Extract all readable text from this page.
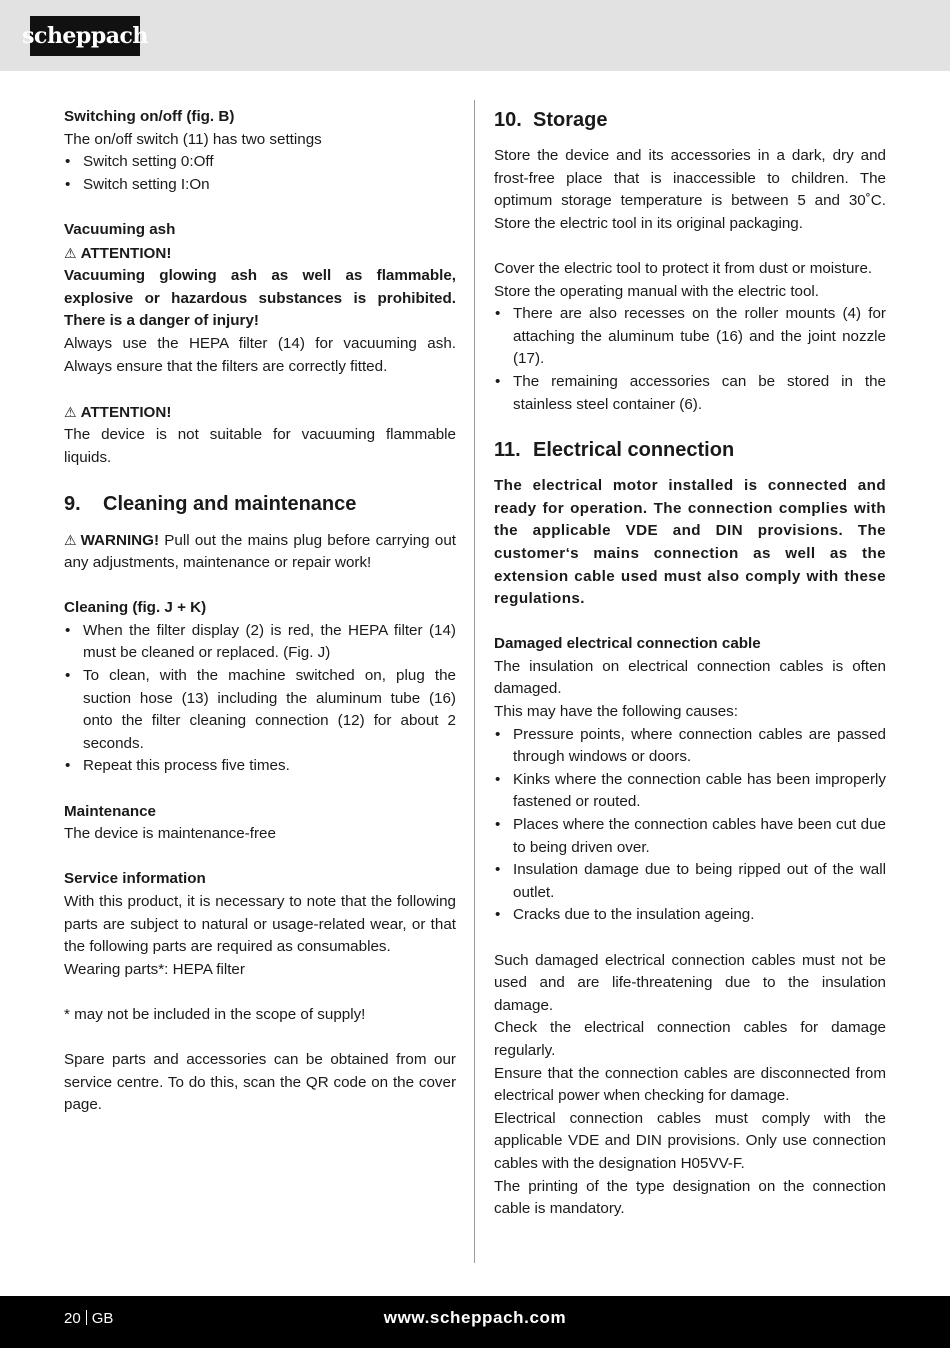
scheppach

Switching on/off (fig. B)

The on/off switch (11) has two settings

• Switch setting 0:Off
• Switch setting I:On

Vacuuming ash

⚠ ATTENTION!

Vacuuming glowing ash as well as flammable, explosive or hazardous substances is prohibited. There is a danger of injury!

Always use the HEPA filter (14) for vacuuming ash. Always ensure that the filters are correctly fitted.

⚠ ATTENTION!

The device is not suitable for vacuuming flammable liquids.

9. Cleaning and maintenance

⚠ WARNING! Pull out the mains plug before carrying out any adjustments, maintenance or repair work!

Cleaning (fig. J + K)

• When the filter display (2) is red, the HEPA filter (14) must be cleaned or replaced. (Fig. J)
• To clean, with the machine switched on, plug the suction hose (13) including the aluminum tube (16) onto the filter cleaning connection (12) for about 2 seconds.
• Repeat this process five times.

Maintenance

The device is maintenance-free

Service information

With this product, it is necessary to note that the following parts are subject to natural or usage-related wear, or that the following parts are required as consumables.

Wearing parts*: HEPA filter

* may not be included in the scope of supply!

Spare parts and accessories can be obtained from our service centre. To do this, scan the QR code on the cover page.

10. Storage

Store the device and its accessories in a dark, dry and frost-free place that is inaccessible to children. The optimum storage temperature is between 5 and 30˚C. Store the electric tool in its original packaging.

Cover the electric tool to protect it from dust or moisture.

Store the operating manual with the electric tool.

• There are also recesses on the roller mounts (4) for attaching the aluminum tube (16) and the joint nozzle (17).
• The remaining accessories can be stored in the stainless steel container (6).
11. Electrical connection

The electrical motor installed is connected and ready for operation. The connection complies with the applicable VDE and DIN provisions. The customer‘s mains connection as well as the extension cable used must also comply with these regulations.

Damaged electrical connection cable

The insulation on electrical connection cables is often damaged.

This may have the following causes:

• Pressure points, where connection cables are passed through windows or doors.
• Kinks where the connection cable has been improperly fastened or routed.
• Places where the connection cables have been cut due to being driven over.
• Insulation damage due to being ripped out of the wall outlet.
• Cracks due to the insulation ageing.

Such damaged electrical connection cables must not be used and are life-threatening due to the insulation damage.

Check the electrical connection cables for damage regularly.

Ensure that the connection cables are disconnected from electrical power when checking for damage.

Electrical connection cables must comply with the applicable VDE and DIN provisions. Only use connection cables with the designation H05VV-F.

The printing of the type designation on the connection cable is mandatory.

20 GB	www.scheppach.com
